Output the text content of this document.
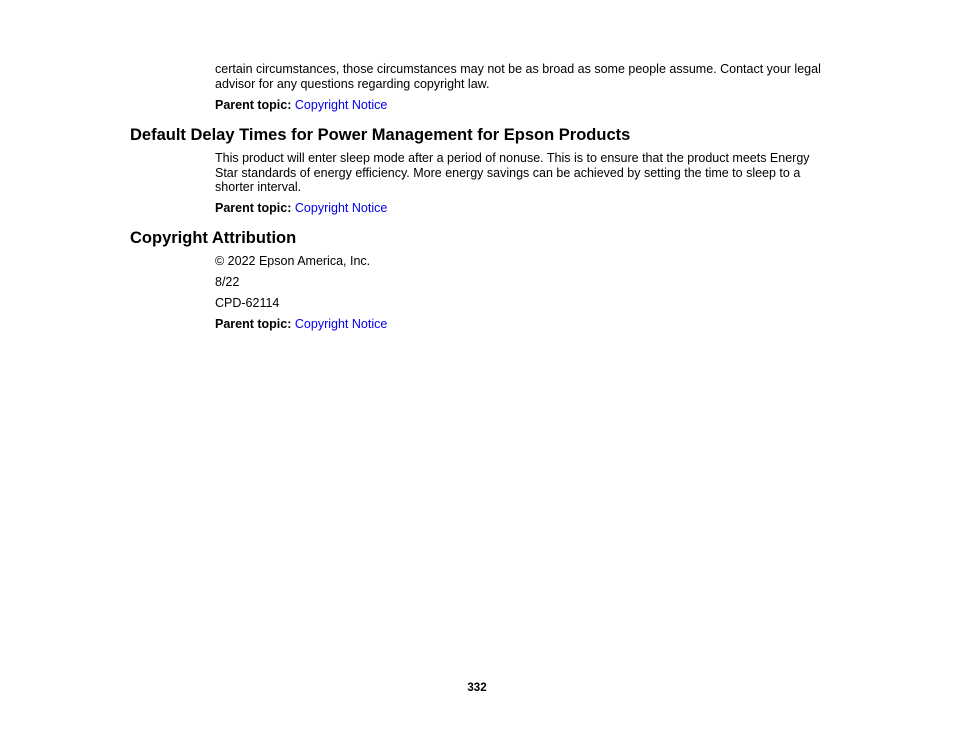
certain circumstances, those circumstances may not be as broad as some people assume. Contact your legal advisor for any questions regarding copyright law.

Parent topic: Copyright Notice

Default Delay Times for Power Management for Epson Products

This product will enter sleep mode after a period of nonuse. This is to ensure that the product meets Energy Star standards of energy efficiency. More energy savings can be achieved by setting the time to sleep to a shorter interval.

Parent topic: Copyright Notice

Copyright Attribution

© 2022 Epson America, Inc.

8/22

CPD-62114

Parent topic: Copyright Notice

332
